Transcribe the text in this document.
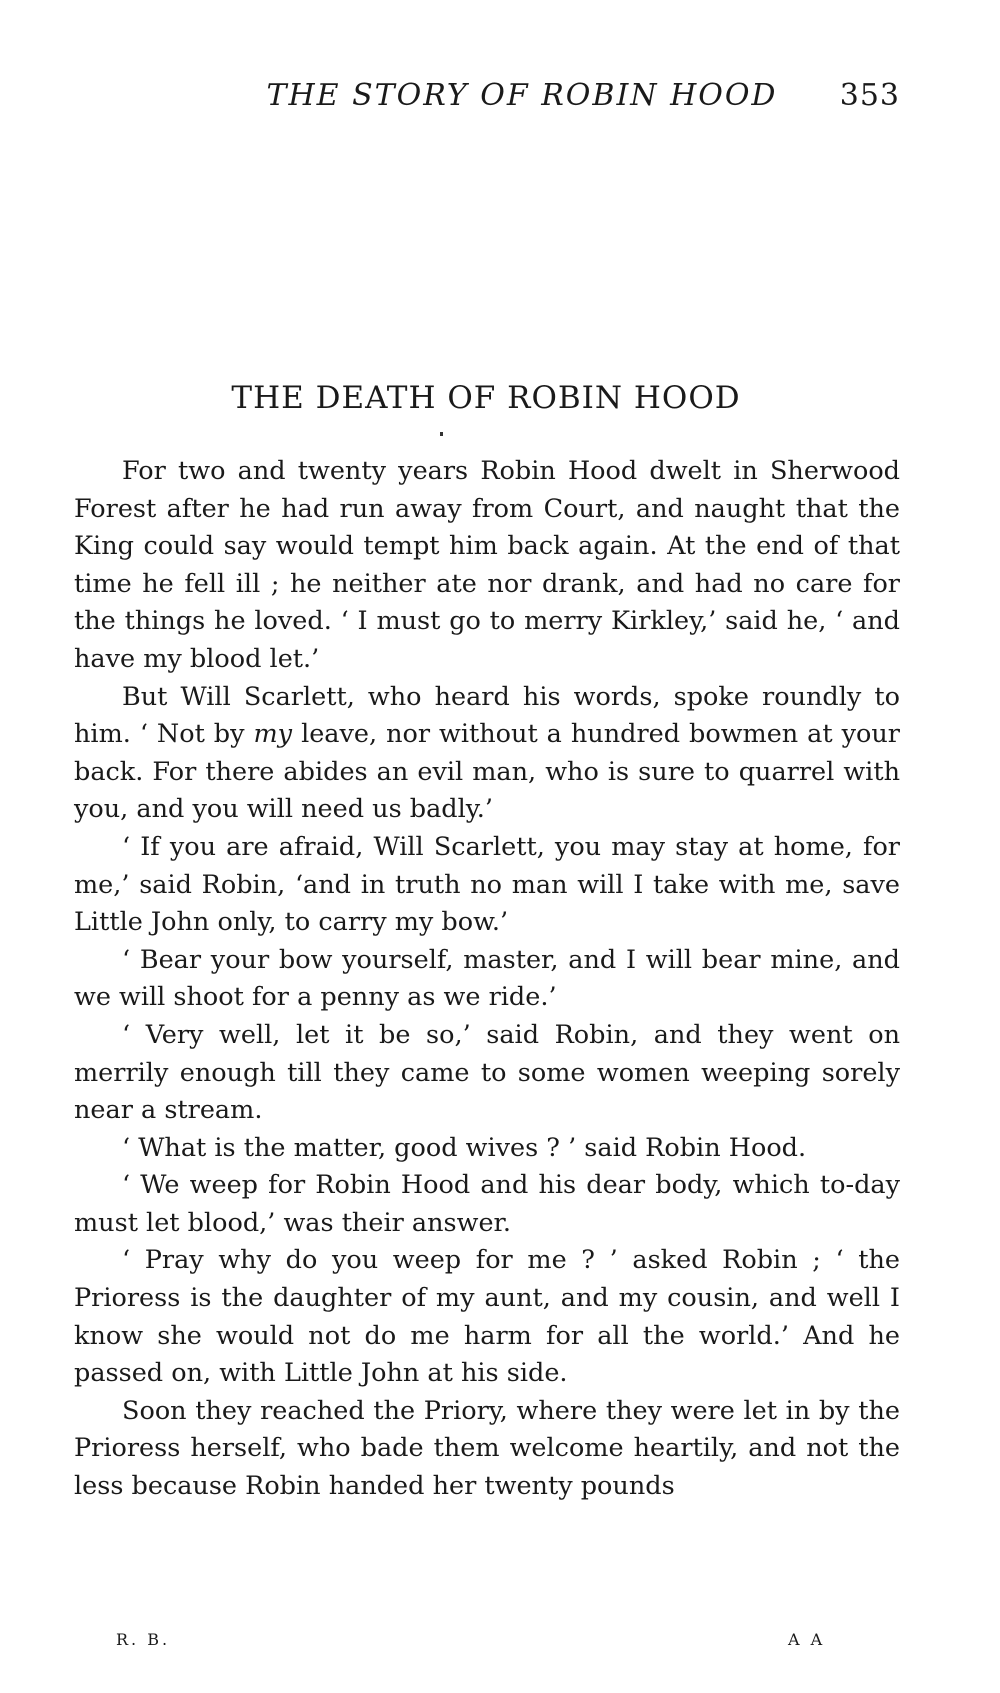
THE STORY OF ROBIN HOOD	353
THE DEATH OF ROBIN HOOD

For two and twenty years Robin Hood dwelt in Sherwood Forest after he had run away from Court, and naught that the King could say would tempt him back again. At the end of that time he fell ill ; he neither ate nor drank, and had no care for the things he loved. ‘ I must go to merry Kirkley,’ said he, ‘ and have my blood let.’

But Will Scarlett, who heard his words, spoke roundly to him. ‘ Not by my leave, nor without a hundred bowmen at your back. For there abides an evil man, who is sure to quarrel with you, and you will need us badly.’

‘ If you are afraid, Will Scarlett, you may stay at home, for me,’ said Robin, ‘and in truth no man will I take with me, save Little John only, to carry my bow.’

‘ Bear your bow yourself, master, and I will bear mine, and we will shoot for a penny as we ride.’

‘ Very well, let it be so,’ said Robin, and they went on merrily enough till they came to some women weeping sorely near a stream.

‘ What is the matter, good wives ? ’ said Robin Hood.

‘ We weep for Robin Hood and his dear body, which to-day must let blood,’ was their answer.

‘ Pray why do you weep for me ? ’ asked Robin ; ‘ the Prioress is the daughter of my aunt, and my cousin, and well I know she would not do me harm for all the world.’ And he passed on, with Little John at his side.

Soon they reached the Priory, where they were let in by the Prioress herself, who bade them welcome heartily, and not the less because Robin handed her twenty pounds

R. B.	A A
